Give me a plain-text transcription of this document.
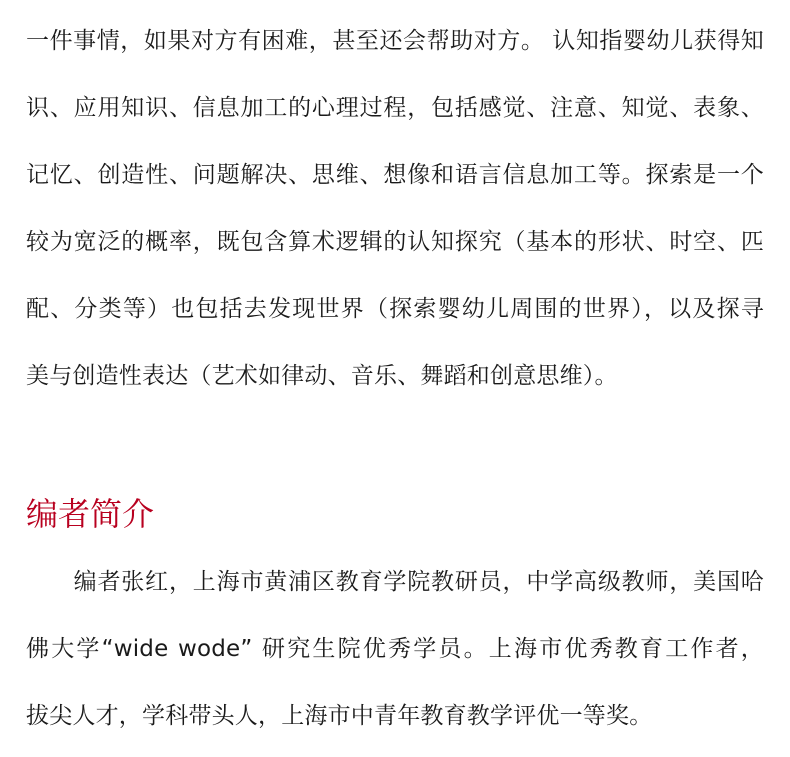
一件事情，如果对方有困难，甚至还会帮助对方。 认知指婴幼儿获得知
识、应用知识、信息加工的心理过程，包括感觉、注意、知觉、表象、
记忆、创造性、问题解决、思维、想像和语言信息加工等。探索是一个
较为宽泛的概率，既包含算术逻辑的认知探究（基本的形状、时空、匹
配、分类等）也包括去发现世界（探索婴幼儿周围的世界），以及探寻
美与创造性表达（艺术如律动、音乐、舞蹈和创意思维）。
编者简介
　　编者张红，上海市黄浦区教育学院教研员，中学高级教师，美国哈
佛大学“wide wode” 研究生院优秀学员。上海市优秀教育工作者，
拔尖人才，学科带头人，上海市中青年教育教学评优一等奖。
